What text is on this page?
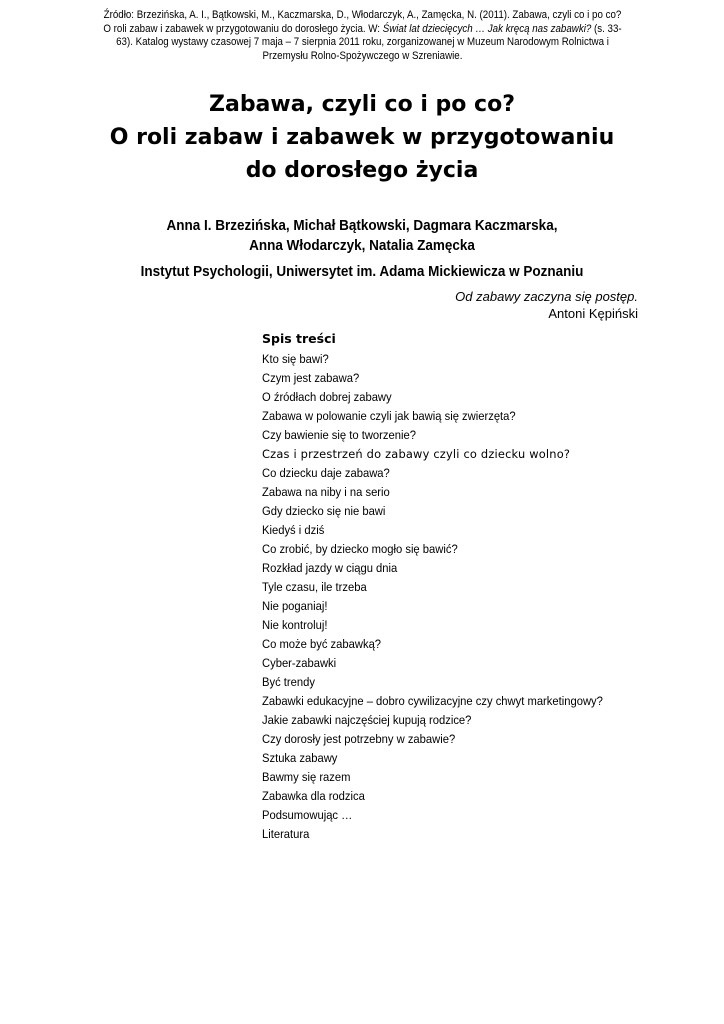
Źródło: Brzezińska, A. I., Bątkowski, M., Kaczmarska, D., Włodarczyk, A., Zamęcka, N. (2011). Zabawa, czyli co i po co? O roli zabaw i zabawek w przygotowaniu do dorosłego życia. W: Świat lat dziecięcych … Jak kręcą nas zabawki? (s. 33-63). Katalog wystawy czasowej 7 maja – 7 sierpnia 2011 roku, zorganizowanej w Muzeum Narodowym Rolnictwa i Przemysłu Rolno-Spożywczego w Szreniawie.
Zabawa, czyli co i po co?
O roli zabaw i zabawek w przygotowaniu
do dorosłego życia
Anna I. Brzezińska, Michał Bątkowski, Dagmara Kaczmarska,
Anna Włodarczyk, Natalia Zamęcka
Instytut Psychologii, Uniwersytet im. Adama Mickiewicza w Poznaniu
Od zabawy zaczyna się postęp.
Antoni Kępiński
Spis treści
Kto się bawi?
Czym jest zabawa?
O źródłach dobrej zabawy
Zabawa w polowanie czyli jak bawią się zwierzęta?
Czy bawienie się to tworzenie?
Czas i przestrzeń do zabawy czyli co dziecku wolno?
Co dziecku daje zabawa?
Zabawa na niby i na serio
Gdy dziecko się nie bawi
Kiedyś i dziś
Co zrobić, by dziecko mogło się bawić?
Rozkład jazdy w ciągu dnia
Tyle czasu, ile trzeba
Nie poganiaj!
Nie kontroluj!
Co może być zabawką?
Cyber-zabawki
Być trendy
Zabawki edukacyjne – dobro cywilizacyjne czy chwyt marketingowy?
Jakie zabawki najczęściej kupują rodzice?
Czy dorosły jest potrzebny w zabawie?
Sztuka zabawy
Bawmy się razem
Zabawka dla rodzica
Podsumowując …
Literatura
